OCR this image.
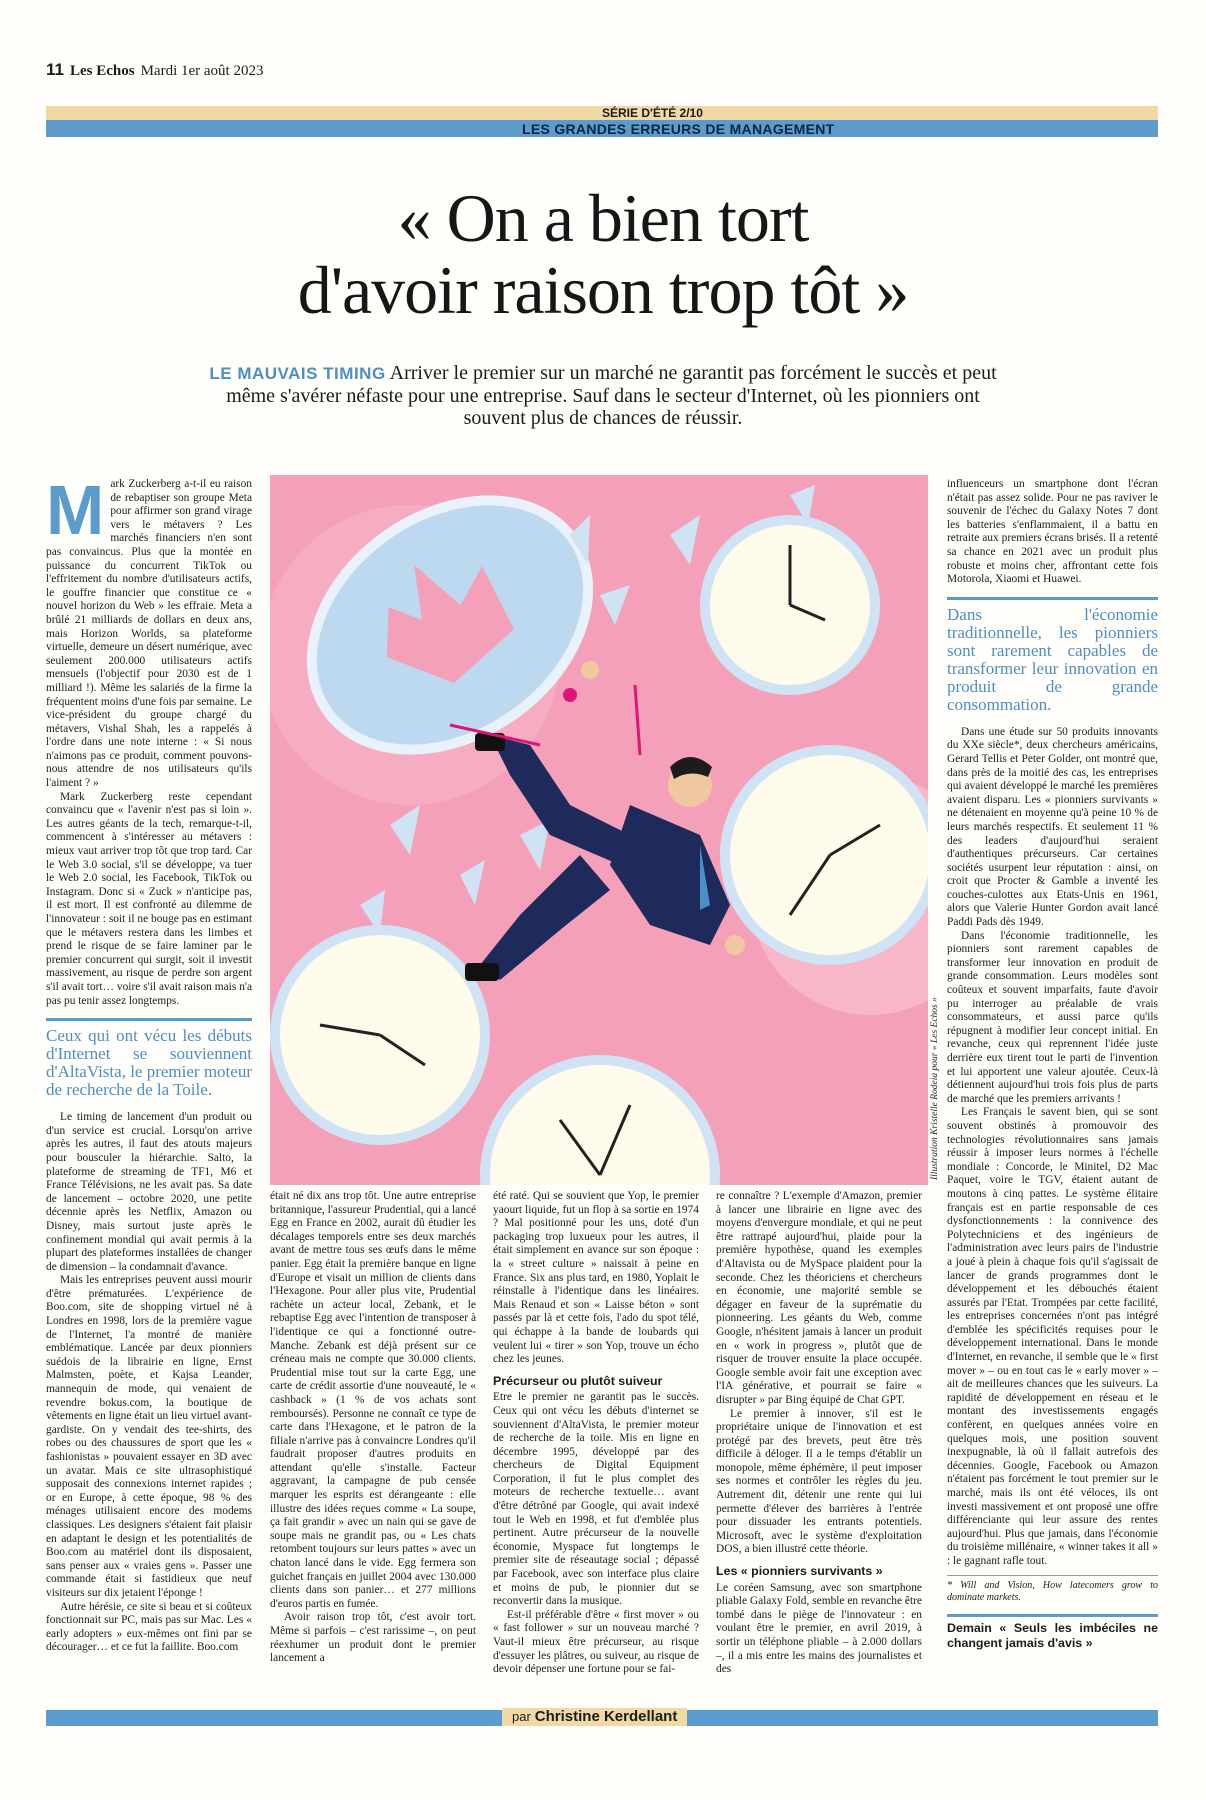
11 Les Echos Mardi 1er août 2023
SÉRIE D'ÉTÉ 2/10
LES GRANDES ERREURS DE MANAGEMENT
« On a bien tort
d'avoir raison trop tôt »
LE MAUVAIS TIMING Arriver le premier sur un marché ne garantit pas forcément le succès et peut même s'avérer néfaste pour une entreprise. Sauf dans le secteur d'Internet, où les pionniers ont souvent plus de chances de réussir.

Mark Zuckerberg a-t-il eu raison de rebaptiser son groupe Meta pour affirmer son grand virage vers le métavers ? Les marchés financiers n'en sont pas convaincus. Plus que la montée en puissance du concurrent TikTok ou l'effritement du nombre d'utilisateurs actifs, le gouffre financier que constitue ce « nouvel horizon du Web » les effraie. Meta a brûlé 21 milliards de dollars en deux ans, mais Horizon Worlds, sa plateforme virtuelle, demeure un désert numérique, avec seulement 200.000 utilisateurs actifs mensuels (l'objectif pour 2030 est de 1 milliard !). Même les salariés de la firme la fréquentent moins d'une fois par semaine. Le vice-président du groupe chargé du métavers, Vishal Shah, les a rappelés à l'ordre dans une note interne : « Si nous n'aimons pas ce produit, comment pouvons-nous attendre de nos utilisateurs qu'ils l'aiment ? »

Mark Zuckerberg reste cependant convaincu que « l'avenir n'est pas si loin ». Les autres géants de la tech, remarque-t-il, commencent à s'intéresser au métavers : mieux vaut arriver trop tôt que trop tard. Car le Web 3.0 social, s'il se développe, va tuer le Web 2.0 social, les Facebook, TikTok ou Instagram. Donc si « Zuck » n'anticipe pas, il est mort. Il est confronté au dilemme de l'innovateur : soit il ne bouge pas en estimant que le métavers restera dans les limbes et prend le risque de se faire laminer par le premier concurrent qui surgit, soit il investit massivement, au risque de perdre son argent s'il avait tort… voire s'il avait raison mais n'a pas pu tenir assez longtemps.

Ceux qui ont vécu les débuts d'Internet se souviennent d'AltaVista, le premier moteur de recherche de la Toile.

Le timing de lancement d'un produit ou d'un service est crucial. Lorsqu'on arrive après les autres, il faut des atouts majeurs pour bousculer la hiérarchie. Salto, la plateforme de streaming de TF1, M6 et France Télévisions, ne les avait pas. Sa date de lancement – octobre 2020, une petite décennie après les Netflix, Amazon ou Disney, mais surtout juste après le confinement mondial qui avait permis à la plupart des plateformes installées de changer de dimension – la condamnait d'avance.

Mais les entreprises peuvent aussi mourir d'être prématurées. L'expérience de Boo.com, site de shopping virtuel né à Londres en 1998, lors de la première vague de l'Internet, l'a montré de manière emblématique. Lancée par deux pionniers suédois de la librairie en ligne, Ernst Malmsten, poète, et Kajsa Leander, mannequin de mode, qui venaient de revendre bokus.com, la boutique de vêtements en ligne était un lieu virtuel avant-gardiste. On y vendait des tee-shirts, des robes ou des chaussures de sport que les « fashionistas » pouvaient essayer en 3D avec un avatar. Mais ce site ultrasophistiqué supposait des connexions internet rapides ; or en Europe, à cette époque, 98 % des ménages utilisaient encore des modems classiques. Les designers s'étaient fait plaisir en adaptant le design et les potentialités de Boo.com au matériel dont ils disposaient, sans penser aux « vraies gens ». Passer une commande était si fastidieux que neuf visiteurs sur dix jetaient l'éponge !

Autre hérésie, ce site si beau et si coûteux fonctionnait sur PC, mais pas sur Mac. Les « early adopters » eux-mêmes ont fini par se décourager… et ce fut la faillite. Boo.com

Illustration Kristelle Rodeia pour « Les Echos »

était né dix ans trop tôt. Une autre entreprise britannique, l'assureur Prudential, qui a lancé Egg en France en 2002, aurait dû étudier les décalages temporels entre ses deux marchés avant de mettre tous ses œufs dans le même panier. Egg était la première banque en ligne d'Europe et visait un million de clients dans l'Hexagone. Pour aller plus vite, Prudential rachète un acteur local, Zebank, et le rebaptise Egg avec l'intention de transposer à l'identique ce qui a fonctionné outre-Manche. Zebank est déjà présent sur ce créneau mais ne compte que 30.000 clients. Prudential mise tout sur la carte Egg, une carte de crédit assortie d'une nouveauté, le « cashback » (1 % de vos achats sont remboursés). Personne ne connaît ce type de carte dans l'Hexagone, et le patron de la filiale n'arrive pas à convaincre Londres qu'il faudrait proposer d'autres produits en attendant qu'elle s'installe. Facteur aggravant, la campagne de pub censée marquer les esprits est dérangeante : elle illustre des idées reçues comme « La soupe, ça fait grandir » avec un nain qui se gave de soupe mais ne grandit pas, ou « Les chats retombent toujours sur leurs pattes » avec un chaton lancé dans le vide. Egg fermera son guichet français en juillet 2004 avec 130.000 clients dans son panier… et 277 millions d'euros partis en fumée.

Avoir raison trop tôt, c'est avoir tort. Même si parfois – c'est rarissime –, on peut réexhumer un produit dont le premier lancement a

été raté. Qui se souvient que Yop, le premier yaourt liquide, fut un flop à sa sortie en 1974 ? Mal positionné pour les uns, doté d'un packaging trop luxueux pour les autres, il était simplement en avance sur son époque : la « street culture » naissait à peine en France. Six ans plus tard, en 1980, Yoplait le réinstalle à l'identique dans les linéaires. Mais Renaud et son « Laisse béton » sont passés par là et cette fois, l'ado du spot télé, qui échappe à la bande de loubards qui veulent lui « tirer » son Yop, trouve un écho chez les jeunes.

Précurseur ou plutôt suiveur

Etre le premier ne garantit pas le succès. Ceux qui ont vécu les débuts d'internet se souviennent d'AltaVista, le premier moteur de recherche de la toile. Mis en ligne en décembre 1995, développé par des chercheurs de Digital Equipment Corporation, il fut le plus complet des moteurs de recherche textuelle… avant d'être détrôné par Google, qui avait indexé tout le Web en 1998, et fut d'emblée plus pertinent. Autre précurseur de la nouvelle économie, Myspace fut longtemps le premier site de réseautage social ; dépassé par Facebook, avec son interface plus claire et moins de pub, le pionnier dut se reconvertir dans la musique.

Est-il préférable d'être « first mover » ou « fast follower » sur un nouveau marché ? Vaut-il mieux être précurseur, au risque d'essuyer les plâtres, ou suiveur, au risque de devoir dépenser une fortune pour se fai-

re connaître ? L'exemple d'Amazon, premier à lancer une librairie en ligne avec des moyens d'envergure mondiale, et qui ne peut être rattrapé aujourd'hui, plaide pour la première hypothèse, quand les exemples d'Altavista ou de MySpace plaident pour la seconde. Chez les théoriciens et chercheurs en économie, une majorité semble se dégager en faveur de la suprématie du pionneering. Les géants du Web, comme Google, n'hésitent jamais à lancer un produit en « work in progress », plutôt que de risquer de trouver ensuite la place occupée. Google semble avoir fait une exception avec l'IA générative, et pourrait se faire « disrupter » par Bing équipé de Chat GPT.

Le premier à innover, s'il est le propriétaire unique de l'innovation et est protégé par des brevets, peut être très difficile à déloger. Il a le temps d'établir un monopole, même éphémère, il peut imposer ses normes et contrôler les règles du jeu. Autrement dit, détenir une rente qui lui permette d'élever des barrières à l'entrée pour dissuader les entrants potentiels. Microsoft, avec le système d'exploitation DOS, a bien illustré cette théorie.

Les « pionniers survivants »

Le coréen Samsung, avec son smartphone pliable Galaxy Fold, semble en revanche être tombé dans le piège de l'innovateur : en voulant être le premier, en avril 2019, à sortir un téléphone pliable – à 2.000 dollars –, il a mis entre les mains des journalistes et des

influenceurs un smartphone dont l'écran n'était pas assez solide. Pour ne pas raviver le souvenir de l'échec du Galaxy Notes 7 dont les batteries s'enflammaient, il a battu en retraite aux premiers écrans brisés. Il a retenté sa chance en 2021 avec un produit plus robuste et moins cher, affrontant cette fois Motorola, Xiaomi et Huawei.

Dans l'économie traditionnelle, les pionniers sont rarement capables de transformer leur innovation en produit de grande consommation.

Dans une étude sur 50 produits innovants du XXe siècle*, deux chercheurs américains, Gerard Tellis et Peter Golder, ont montré que, dans près de la moitié des cas, les entreprises qui avaient développé le marché les premières avaient disparu. Les « pionniers survivants » ne détenaient en moyenne qu'à peine 10 % de leurs marchés respectifs. Et seulement 11 % des leaders d'aujourd'hui seraient d'authentiques précurseurs. Car certaines sociétés usurpent leur réputation : ainsi, on croit que Procter & Gamble a inventé les couches-culottes aux Etats-Unis en 1961, alors que Valerie Hunter Gordon avait lancé Paddi Pads dès 1949.

Dans l'économie traditionnelle, les pionniers sont rarement capables de transformer leur innovation en produit de grande consommation. Leurs modèles sont coûteux et souvent imparfaits, faute d'avoir pu interroger au préalable de vrais consommateurs, et aussi parce qu'ils répugnent à modifier leur concept initial. En revanche, ceux qui reprennent l'idée juste derrière eux tirent tout le parti de l'invention et lui apportent une valeur ajoutée. Ceux-là détiennent aujourd'hui trois fois plus de parts de marché que les premiers arrivants !

Les Français le savent bien, qui se sont souvent obstinés à promouvoir des technologies révolutionnaires sans jamais réussir à imposer leurs normes à l'échelle mondiale : Concorde, le Minitel, D2 Mac Paquet, voire le TGV, étaient autant de moutons à cinq pattes. Le système élitaire français est en partie responsable de ces dysfonctionnements : la connivence des Polytechniciens et des ingénieurs de l'administration avec leurs pairs de l'industrie a joué à plein à chaque fois qu'il s'agissait de lancer de grands programmes dont le développement et les débouchés étaient assurés par l'Etat. Trompées par cette facilité, les entreprises concernées n'ont pas intégré d'emblée les spécificités requises pour le développement international. Dans le monde d'Internet, en revanche, il semble que le « first mover » – ou en tout cas le « early mover » – ait de meilleures chances que les suiveurs. La rapidité de développement en réseau et le montant des investissements engagés confèrent, en quelques années voire en quelques mois, une position souvent inexpugnable, là où il fallait autrefois des décennies. Google, Facebook ou Amazon n'étaient pas forcément le tout premier sur le marché, mais ils ont été véloces, ils ont investi massivement et ont proposé une offre différenciante qui leur assure des rentes aujourd'hui. Plus que jamais, dans l'économie du troisième millénaire, « winner takes it all » : le gagnant rafle tout.

* Will and Vision, How latecomers grow to dominate markets.
Demain « Seuls les imbéciles ne changent jamais d'avis »
par Christine Kerdellant
